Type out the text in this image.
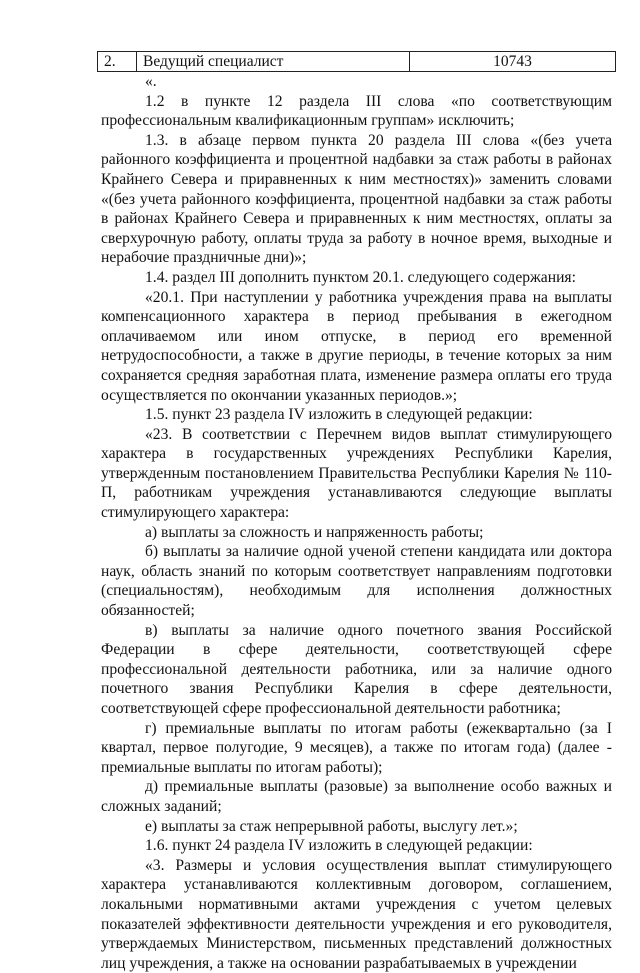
2.	Ведущий специалист	10743

«.

1.2 в пункте 12 раздела III слова «по соответствующим профессиональным квалификационным группам» исключить;

1.3. в абзаце первом пункта 20 раздела III слова «(без учета районного коэффициента и процентной надбавки за стаж работы в районах Крайнего Севера и приравненных к ним местностях)» заменить словами «(без учета районного коэффициента, процентной надбавки за стаж работы в районах Крайнего Севера и приравненных к ним местностях, оплаты за сверхурочную работу, оплаты труда за работу в ночное время, выходные и нерабочие праздничные дни)»;

1.4. раздел III дополнить пунктом 20.1. следующего содержания:

«20.1. При наступлении у работника учреждения права на выплаты компенсационного характера в период пребывания в ежегодном оплачиваемом или ином отпуске, в период его временной нетрудоспособности, а также в другие периоды, в течение которых за ним сохраняется средняя заработная плата, изменение размера оплаты его труда осуществляется по окончании указанных периодов.»;

1.5. пункт 23 раздела IV изложить в следующей редакции:

«23. В соответствии с Перечнем видов выплат стимулирующего характера в государственных учреждениях Республики Карелия, утвержденным постановлением Правительства Республики Карелия № 110-П, работникам учреждения устанавливаются следующие выплаты стимулирующего характера:

а) выплаты за сложность и напряженность работы;

б) выплаты за наличие одной ученой степени кандидата или доктора наук, область знаний по которым соответствует направлениям подготовки (специальностям), необходимым для исполнения должностных обязанностей;

в) выплаты за наличие одного почетного звания Российской Федерации в сфере деятельности, соответствующей сфере профессиональной деятельности работника, или за наличие одного почетного звания Республики Карелия в сфере деятельности, соответствующей сфере профессиональной деятельности работника;

г) премиальные выплаты по итогам работы (ежеквартально (за I квартал, первое полугодие, 9 месяцев), а также по итогам года) (далее - премиальные выплаты по итогам работы);

д) премиальные выплаты (разовые) за выполнение особо важных и сложных заданий;

е) выплаты за стаж непрерывной работы, выслугу лет.»;

1.6. пункт 24 раздела IV изложить в следующей редакции:

«3. Размеры и условия осуществления выплат стимулирующего характера устанавливаются коллективным договором, соглашением, локальными нормативными актами учреждения с учетом целевых показателей эффективности деятельности учреждения и его руководителя, утверждаемых Министерством, письменных представлений должностных лиц учреждения, а также на основании разрабатываемых в учреждении
